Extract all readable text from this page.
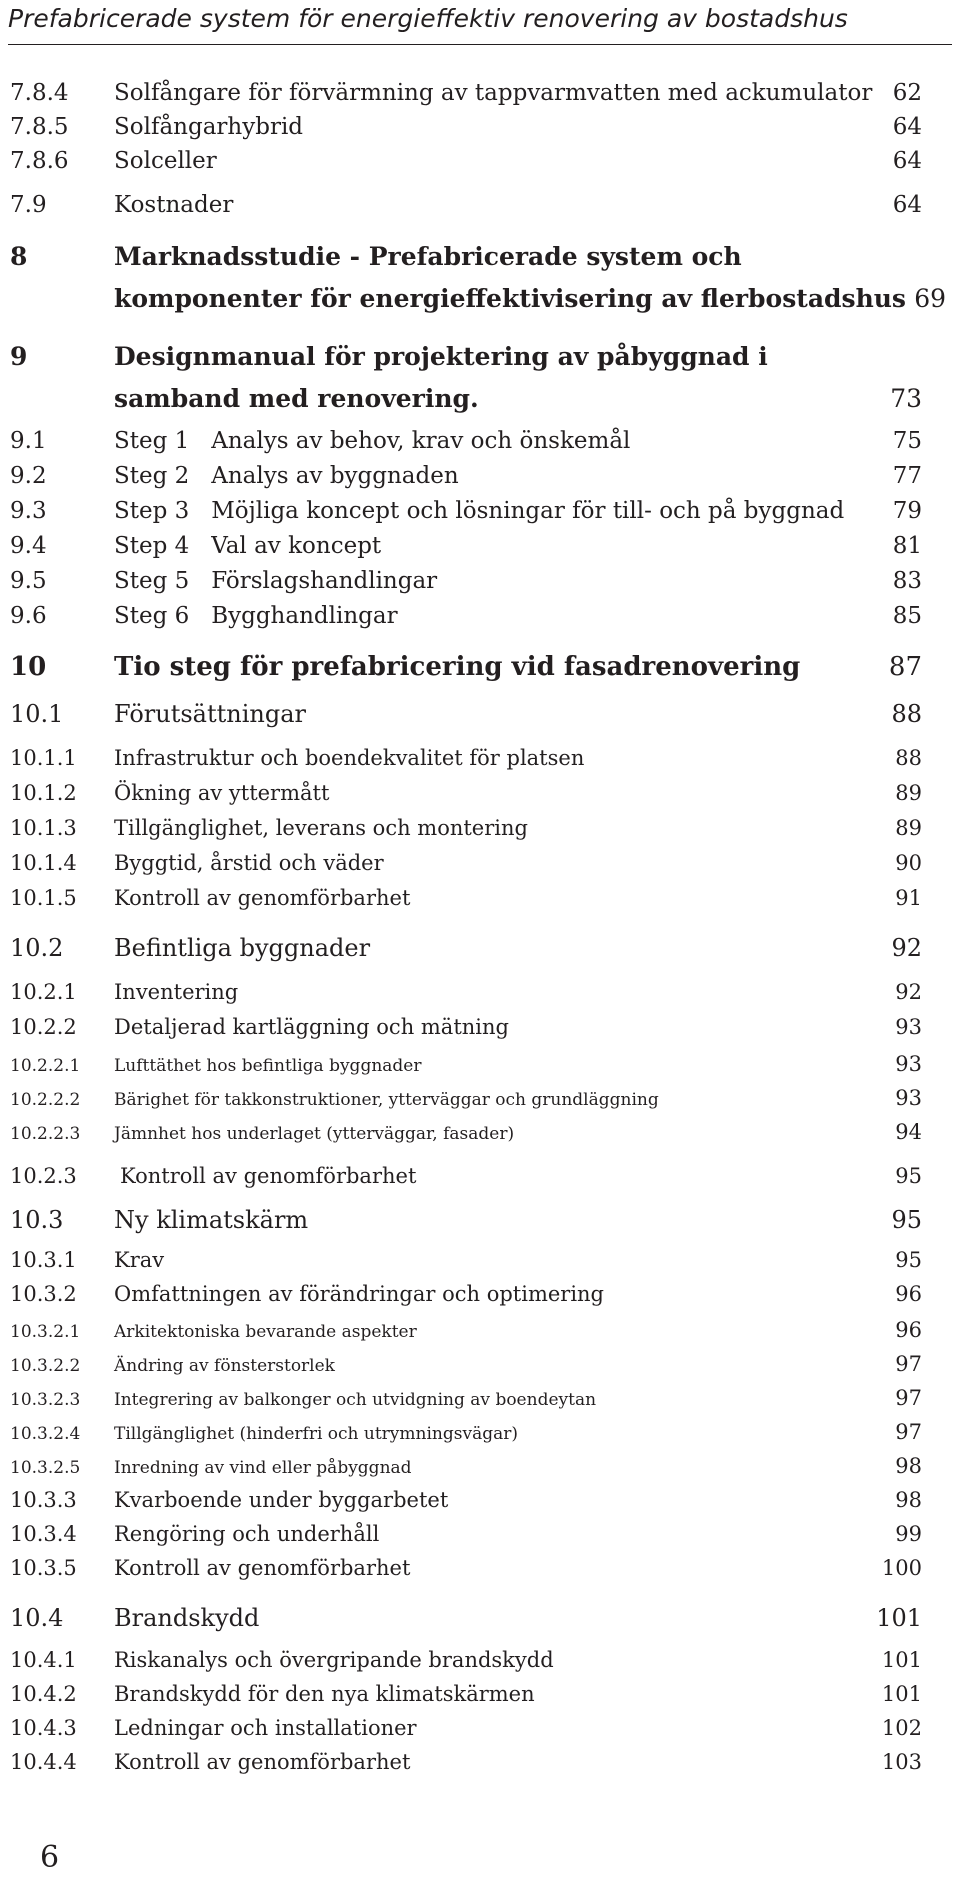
Prefabricerade system för energieffektiv renovering av bostadshus
7.8.4	Solfångare för förvärmning av tappvarmvatten med ackumulator 62
7.8.5	Solfångarhybrid	64
7.8.6	Solceller	64
7.9	Kostnader	64
8	Marknadsstudie - Prefabricerade system och
komponenter för energieffektivisering av flerbostadshus 69
9	Designmanual för projektering av påbyggnad i
samband med renovering.	73
9.1	Steg 1   Analys av behov, krav och önskemål	75
9.2	Steg 2   Analys av byggnaden	77
9.3	Step 3   Möjliga koncept och lösningar för till- och på byggnad	79
9.4	Step 4   Val av koncept	81
9.5	Steg 5   Förslagshandlingar	83
9.6	Steg 6   Bygghandlingar	85
10	Tio steg för prefabricering vid fasadrenovering	87
10.1	Förutsättningar	88
10.1.1	Infrastruktur och boendekvalitet för platsen	88
10.1.2	Ökning av yttermått	89
10.1.3	Tillgänglighet, leverans och montering	89
10.1.4	Byggtid, årstid och väder	90
10.1.5	Kontroll av genomförbarhet	91
10.2	Befintliga byggnader	92
10.2.1	Inventering	92
10.2.2	Detaljerad kartläggning och mätning	93
10.2.2.1	Lufttäthet hos befintliga byggnader	93
10.2.2.2	Bärighet för takkonstruktioner, ytterväggar och grundläggning	93
10.2.2.3	Jämnhet hos underlaget (ytterväggar, fasader)	94
10.2.3	Kontroll av genomförbarhet	95
10.3	Ny klimatskärm	95
10.3.1	Krav	95
10.3.2	Omfattningen av förändringar och optimering	96
10.3.2.1	Arkitektoniska bevarande aspekter	96
10.3.2.2	Ändring av fönsterstorlek	97
10.3.2.3	Integrering av balkonger och utvidgning av boendeytan	97
10.3.2.4	Tillgänglighet (hinderfri och utrymningsvägar)	97
10.3.2.5	Inredning av vind eller påbyggnad	98
10.3.3	Kvarboende under byggarbetet	98
10.3.4	Rengöring och underhåll	99
10.3.5	Kontroll av genomförbarhet	100
10.4	Brandskydd	101
10.4.1	Riskanalys och övergripande brandskydd	101
10.4.2	Brandskydd för den nya klimatskärmen	101
10.4.3	Ledningar och installationer	102
10.4.4	Kontroll av genomförbarhet	103
6
